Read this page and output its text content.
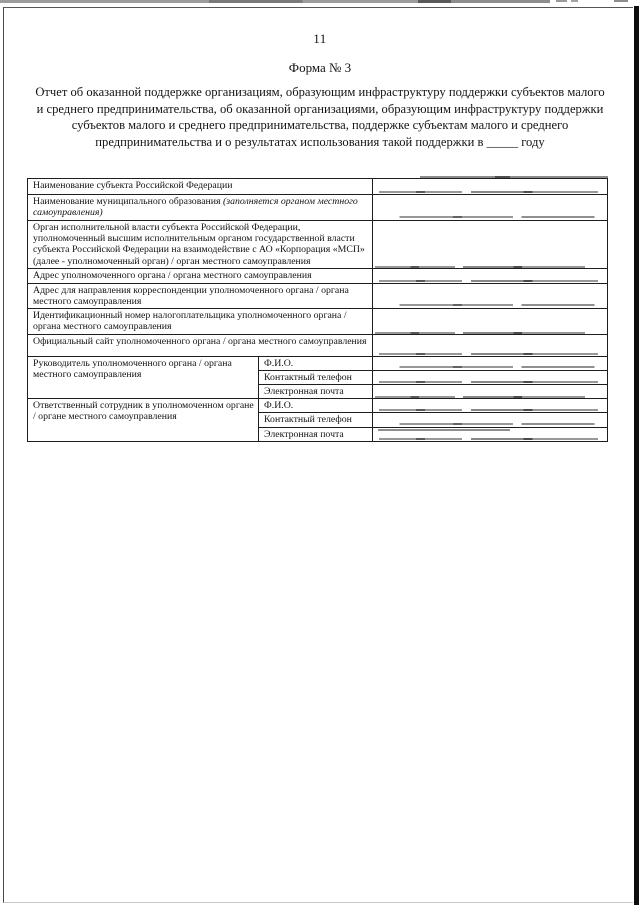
11
Форма № 3
Отчет об оказанной поддержке организациям, образующим инфраструктуру поддержки субъектов малого и среднего предпринимательства, об оказанной организациями, образующим инфраструктуру поддержки субъектов малого и среднего предпринимательства, поддержке субъектам малого и среднего предпринимательства и о результатах использования такой поддержки в _____ году
Наименование субъекта Российской Федерации		
Наименование муниципального образования (заполняется органом местного самоуправления)		
Орган исполнительной власти субъекта Российской Федерации, уполномоченный высшим исполнительным органом государственной власти субъекта Российской Федерации на взаимодействие с АО «Корпорация «МСП» (далее - уполномоченный орган) / орган местного самоуправления		
Адрес уполномоченного органа / органа местного самоуправления		
Адрес для направления корреспонденции уполномоченного органа / органа местного самоуправления		
Идентификационный номер налогоплательщика уполномоченного органа / органа местного самоуправления		
Официальный сайт уполномоченного органа / органа местного самоуправления		
Руководитель уполномоченного органа / органа местного самоуправления	Ф.И.О.	
	Контактный телефон	
	Электронная почта	
Ответственный сотрудник в уполномоченном органе / органе местного самоуправления	Ф.И.О.	
	Контактный телефон	
	Электронная почта	
